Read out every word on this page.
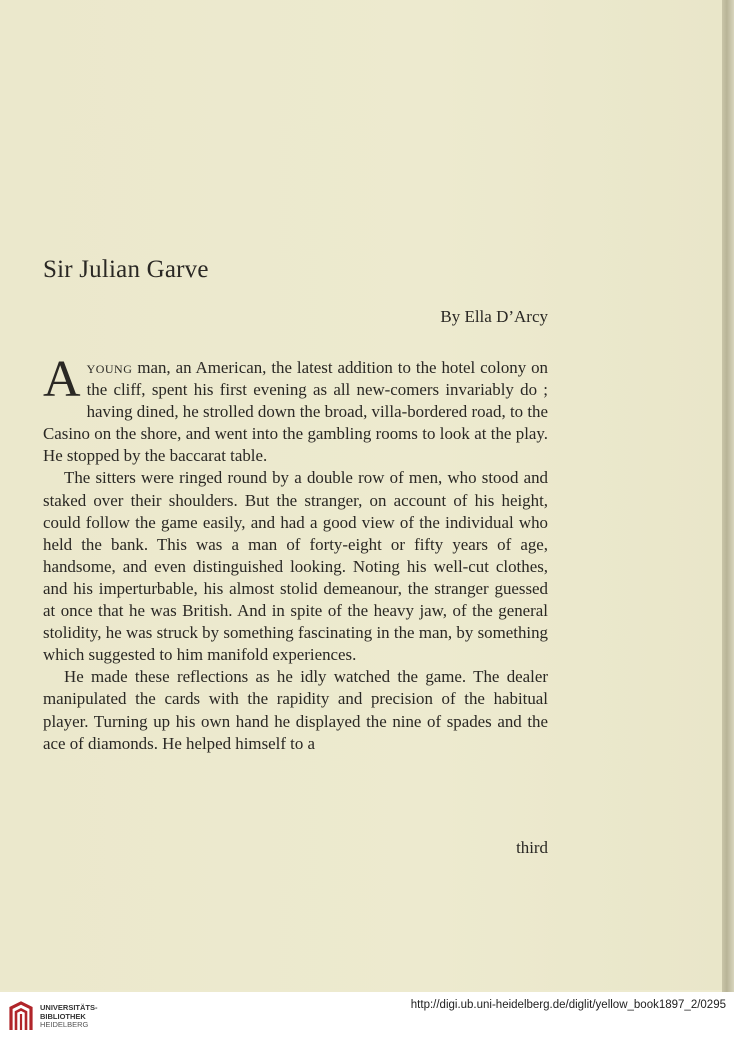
Sir Julian Garve
By Ella D’Arcy

Ayoung man, an American, the latest addition to the hotel colony on the cliff, spent his first evening as all new-comers invariably do ; having dined, he strolled down the broad, villa-bordered road, to the Casino on the shore, and went into the gambling rooms to look at the play. He stopped by the baccarat table.

The sitters were ringed round by a double row of men, who stood and staked over their shoulders. But the stranger, on account of his height, could follow the game easily, and had a good view of the individual who held the bank. This was a man of forty-eight or fifty years of age, handsome, and even distinguished looking. Noting his well-cut clothes, and his imperturbable, his almost stolid demeanour, the stranger guessed at once that he was British. And in spite of the heavy jaw, of the general stolidity, he was struck by something fascinating in the man, by something which suggested to him manifold experiences.

He made these reflections as he idly watched the game. The dealer manipulated the cards with the rapidity and precision of the habitual player. Turning up his own hand he displayed the nine of spades and the ace of diamonds. He helped himself to a

third
UNIVERSITÄTS-
BIBLIOTHEK
HEIDELBERG
http://digi.ub.uni-heidelberg.de/diglit/yellow_book1897_2/0295
